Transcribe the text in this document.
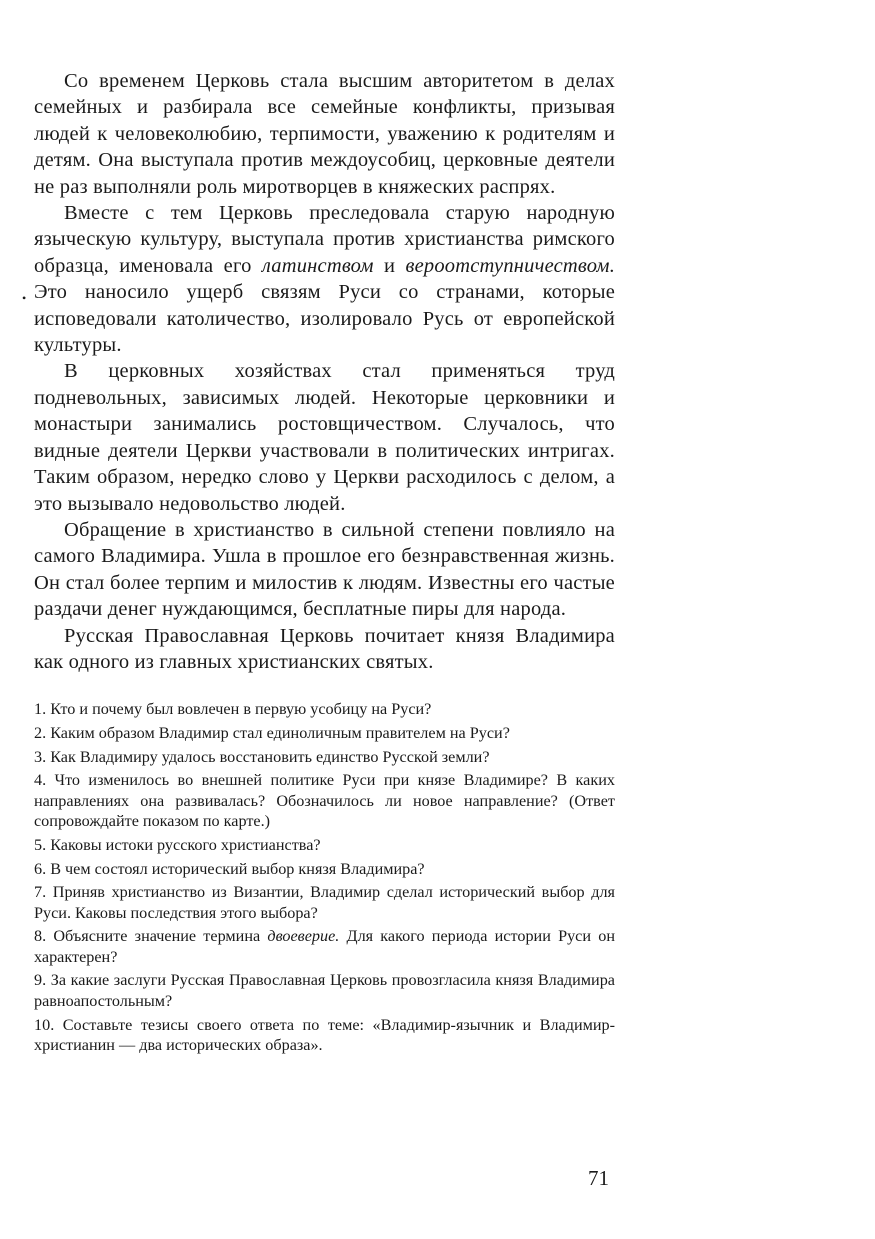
•

Со временем Церковь стала высшим авторитетом в делах семейных и разбирала все семейные конфликты, призывая людей к человеколюбию, терпимости, уважению к родителям и детям. Она выступала против междоусобиц, церковные деятели не раз выполняли роль миротворцев в княжеских распрях.

Вместе с тем Церковь преследовала старую народную языческую культуру, выступала против христианства римского образца, именовала его латинством и вероотступничеством. Это наносило ущерб связям Руси со странами, которые исповедовали католичество, изолировало Русь от европейской культуры.

В церковных хозяйствах стал применяться труд подневольных, зависимых людей. Некоторые церковники и монастыри занимались ростовщичеством. Случалось, что видные деятели Церкви участвовали в политических интригах. Таким образом, нередко слово у Церкви расходилось с делом, а это вызывало недовольство людей.

Обращение в христианство в сильной степени повлияло на самого Владимира. Ушла в прошлое его безнравственная жизнь. Он стал более терпим и милостив к людям. Известны его частые раздачи денег нуждающимся, бесплатные пиры для народа.

Русская Православная Церковь почитает князя Владимира как одного из главных христианских святых.

1. Кто и почему был вовлечен в первую усобицу на Руси?

2. Каким образом Владимир стал единоличным правителем на Руси?

3. Как Владимиру удалось восстановить единство Русской земли?

4. Что изменилось во внешней политике Руси при князе Владимире? В каких направлениях она развивалась? Обозначилось ли новое направление? (Ответ сопровождайте показом по карте.)

5. Каковы истоки русского христианства?

6. В чем состоял исторический выбор князя Владимира?

7. Приняв христианство из Византии, Владимир сделал исторический выбор для Руси. Каковы последствия этого выбора?

8. Объясните значение термина двоеверие. Для какого периода истории Руси он характерен?

9. За какие заслуги Русская Православная Церковь провозгласила князя Владимира равноапостольным?

10. Составьте тезисы своего ответа по теме: «Владимир-язычник и Владимир-христианин — два исторических образа».

71
